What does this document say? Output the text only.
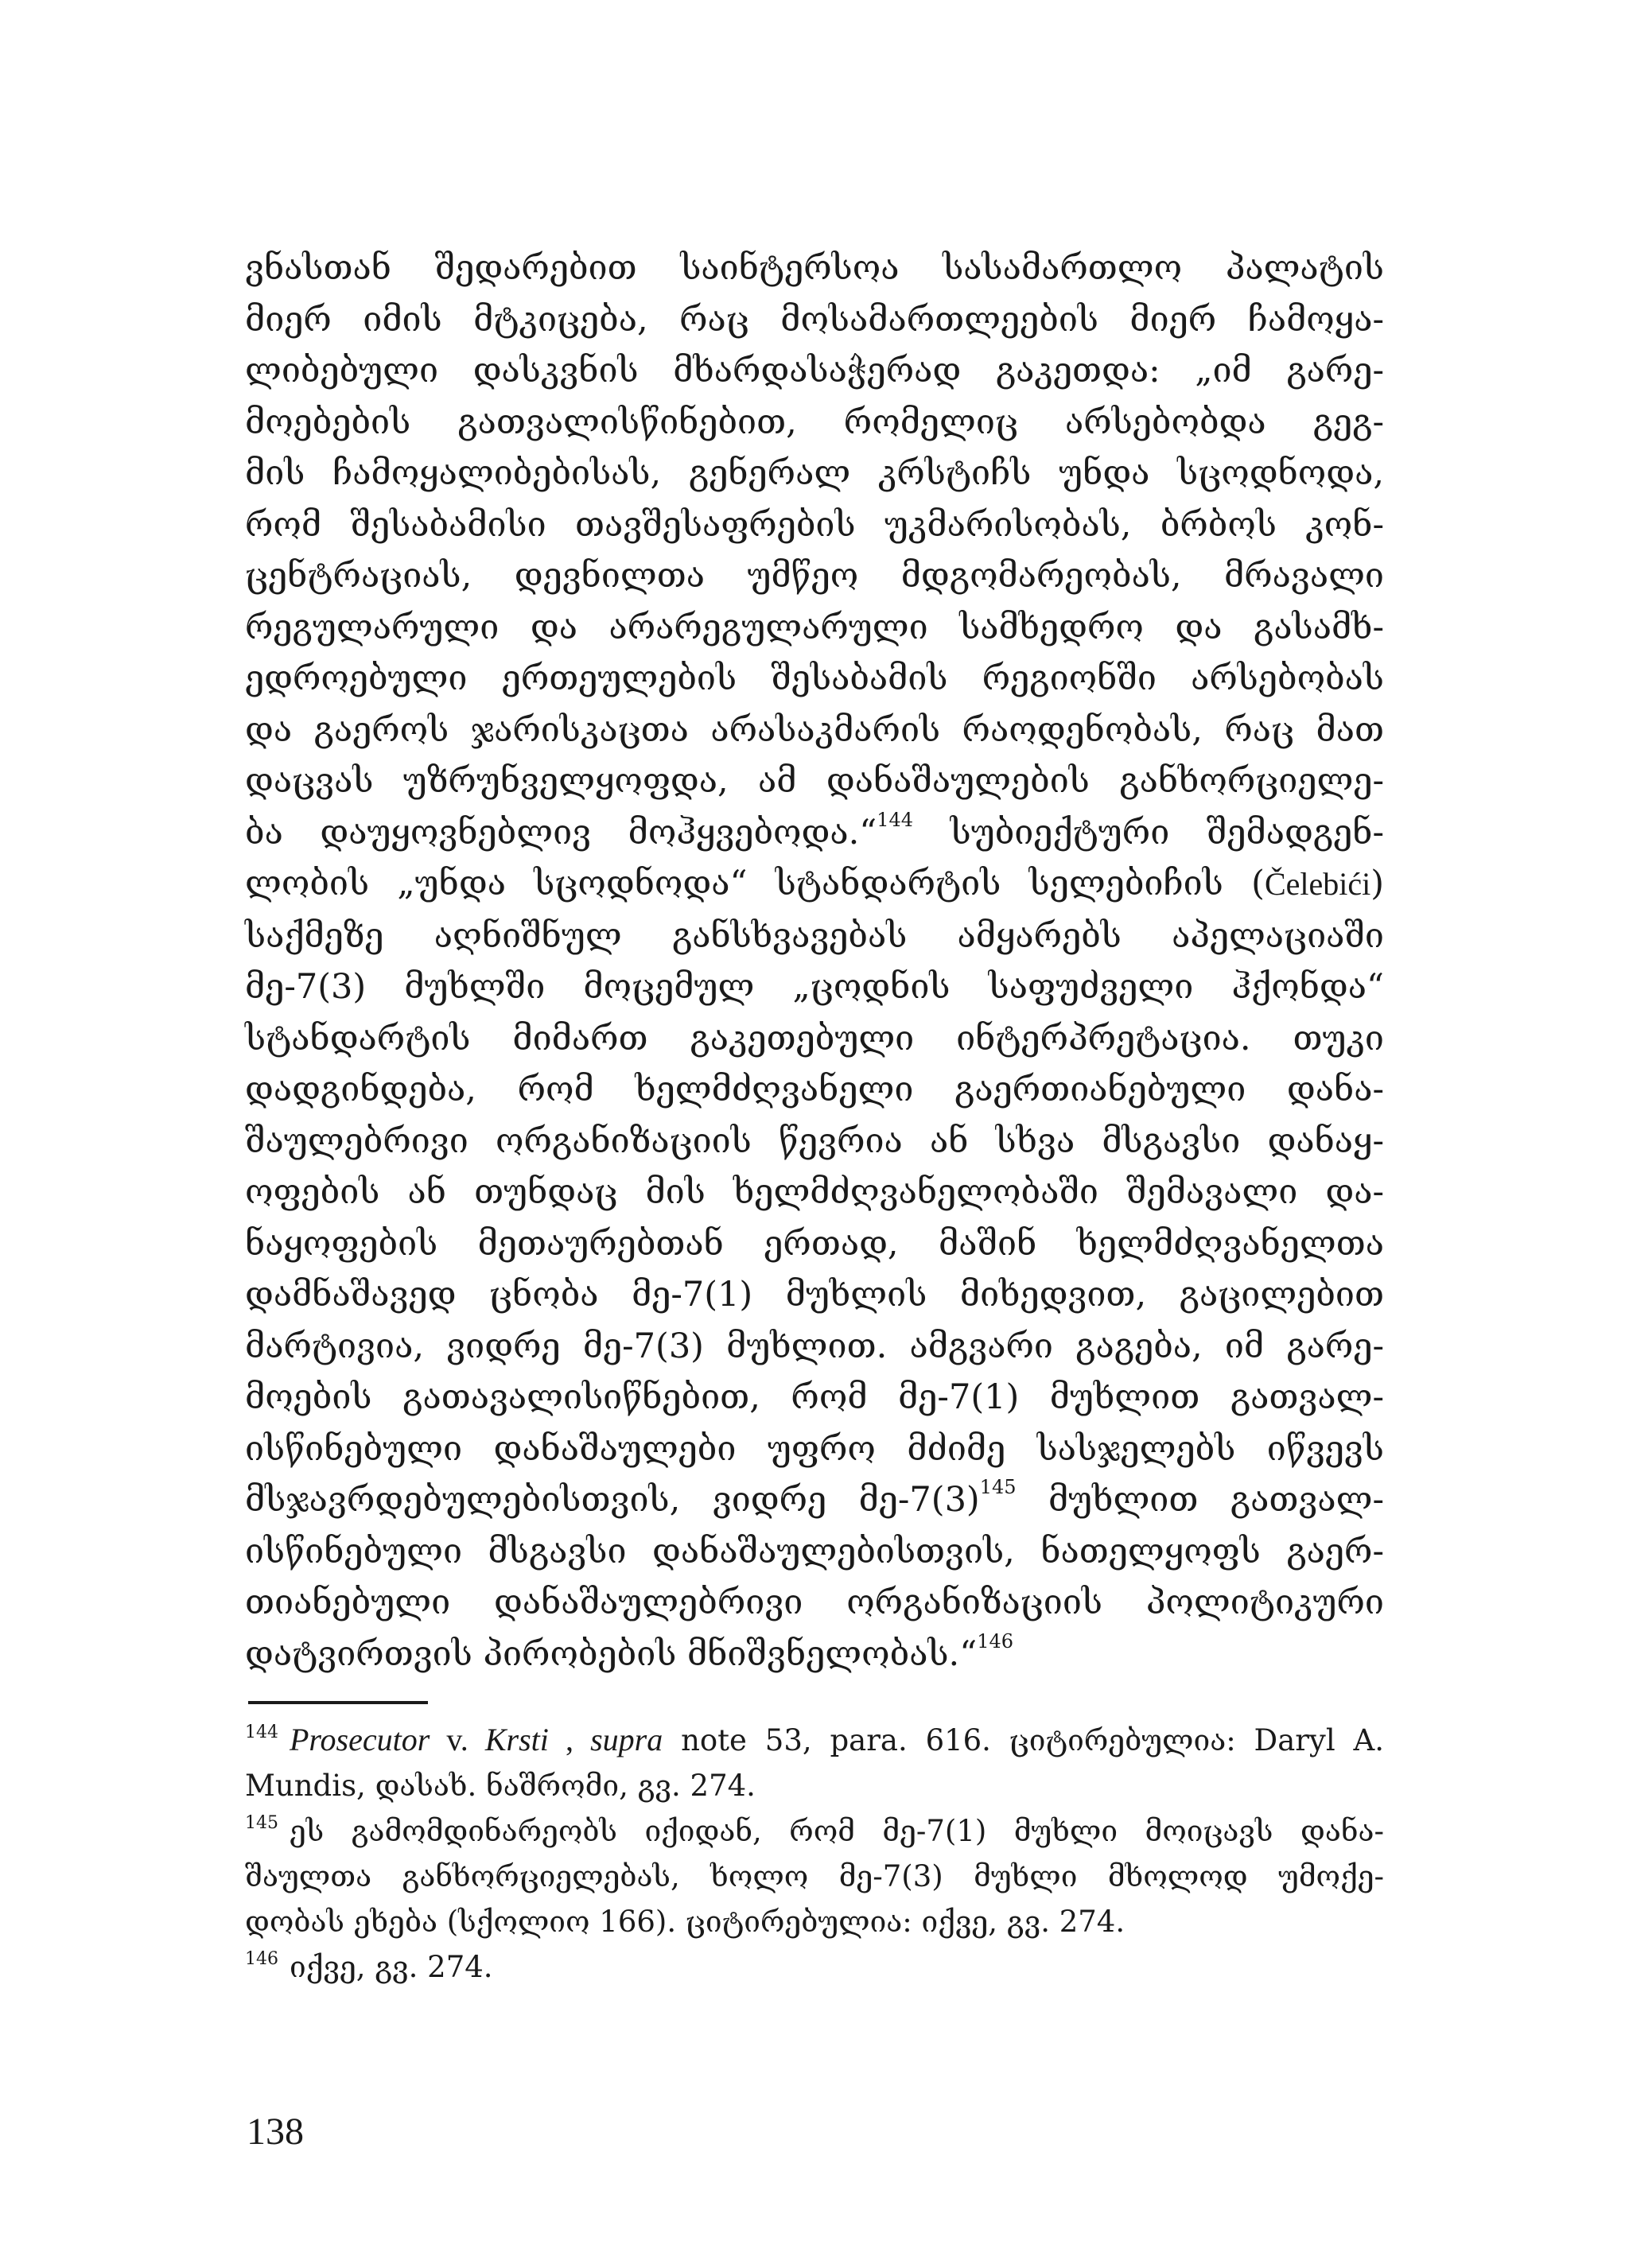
ვნასთან შედარებით საინტერსოა სასამართლო პალატის
მიერ იმის მტკიცება, რაც მოსამართლეების მიერ ჩამოყა-
ლიბებული დასკვნის მხარდასაჭერად გაკეთდა: „იმ გარე-
მოებების გათვალისწინებით, რომელიც არსებობდა გეგ-
მის ჩამოყალიბებისას, გენერალ კრსტიჩს უნდა სცოდნოდა,
რომ შესაბამისი თავშესაფრების უკმარისობას, ბრბოს კონ-
ცენტრაციას, დევნილთა უმწეო მდგომარეობას, მრავალი
რეგულარული და არარეგულარული სამხედრო და გასამხ-
ედროებული ერთეულების შესაბამის რეგიონში არსებობას
და გაეროს ჯარისკაცთა არასაკმარის რაოდენობას, რაც მათ
დაცვას უზრუნველყოფდა, ამ დანაშაულების განხორციელე-
ბა დაუყოვნებლივ მოჰყვებოდა.“$^{144}$ სუბიექტური შემადგენ-
ლობის „უნდა სცოდნოდა“ სტანდარტის სელებიჩის (Čelebići)
საქმეზე აღნიშნულ განსხვავებას ამყარებს აპელაციაში
მე-7(3) მუხლში მოცემულ „ცოდნის საფუძველი ჰქონდა“
სტანდარტის მიმართ გაკეთებული ინტერპრეტაცია. თუკი
დადგინდება, რომ ხელმძღვანელი გაერთიანებული დანა-
შაულებრივი ორგანიზაციის წევრია ან სხვა მსგავსი დანაყ-
ოფების ან თუნდაც მის ხელმძღვანელობაში შემავალი და-
ნაყოფების მეთაურებთან ერთად, მაშინ ხელმძღვანელთა
დამნაშავედ ცნობა მე-7(1) მუხლის მიხედვით, გაცილებით
მარტივია, ვიდრე მე-7(3) მუხლით. ამგვარი გაგება, იმ გარე-
მოების გათავალისიწნებით, რომ მე-7(1) მუხლით გათვალ-
ისწინებული დანაშაულები უფრო მძიმე სასჯელებს იწვევს
მსჯავრდებულებისთვის, ვიდრე $მე-7(3)^{145}$ მუხლით გათვალ-
ისწინებული მსგავსი დანაშაულებისთვის, ნათელყოფს გაერ-
თიანებული დანაშაულებრივი ორგანიზაციის პოლიტიკური
დატვირთვის პირობების მნიშვნელობას.“$^{146}$
$^{144}$ Prosecutor v. Krsti , supra note 53, para. 616. ციტირებულია: Daryl A.
Mundis, დასახ. ნაშრომი, გვ. 274.
$^{145}$ ეს გამომდინარეობს იქიდან, რომ მე-7(1) მუხლი მოიცავს დანა-
შაულთა განხორციელებას, ხოლო მე-7(3) მუხლი მხოლოდ უმოქე-
დობას ეხება (სქოლიო 166). ციტირებულია: იქვე, გვ. 274.
$^{146}$ იქვე, გვ. 274.
138
